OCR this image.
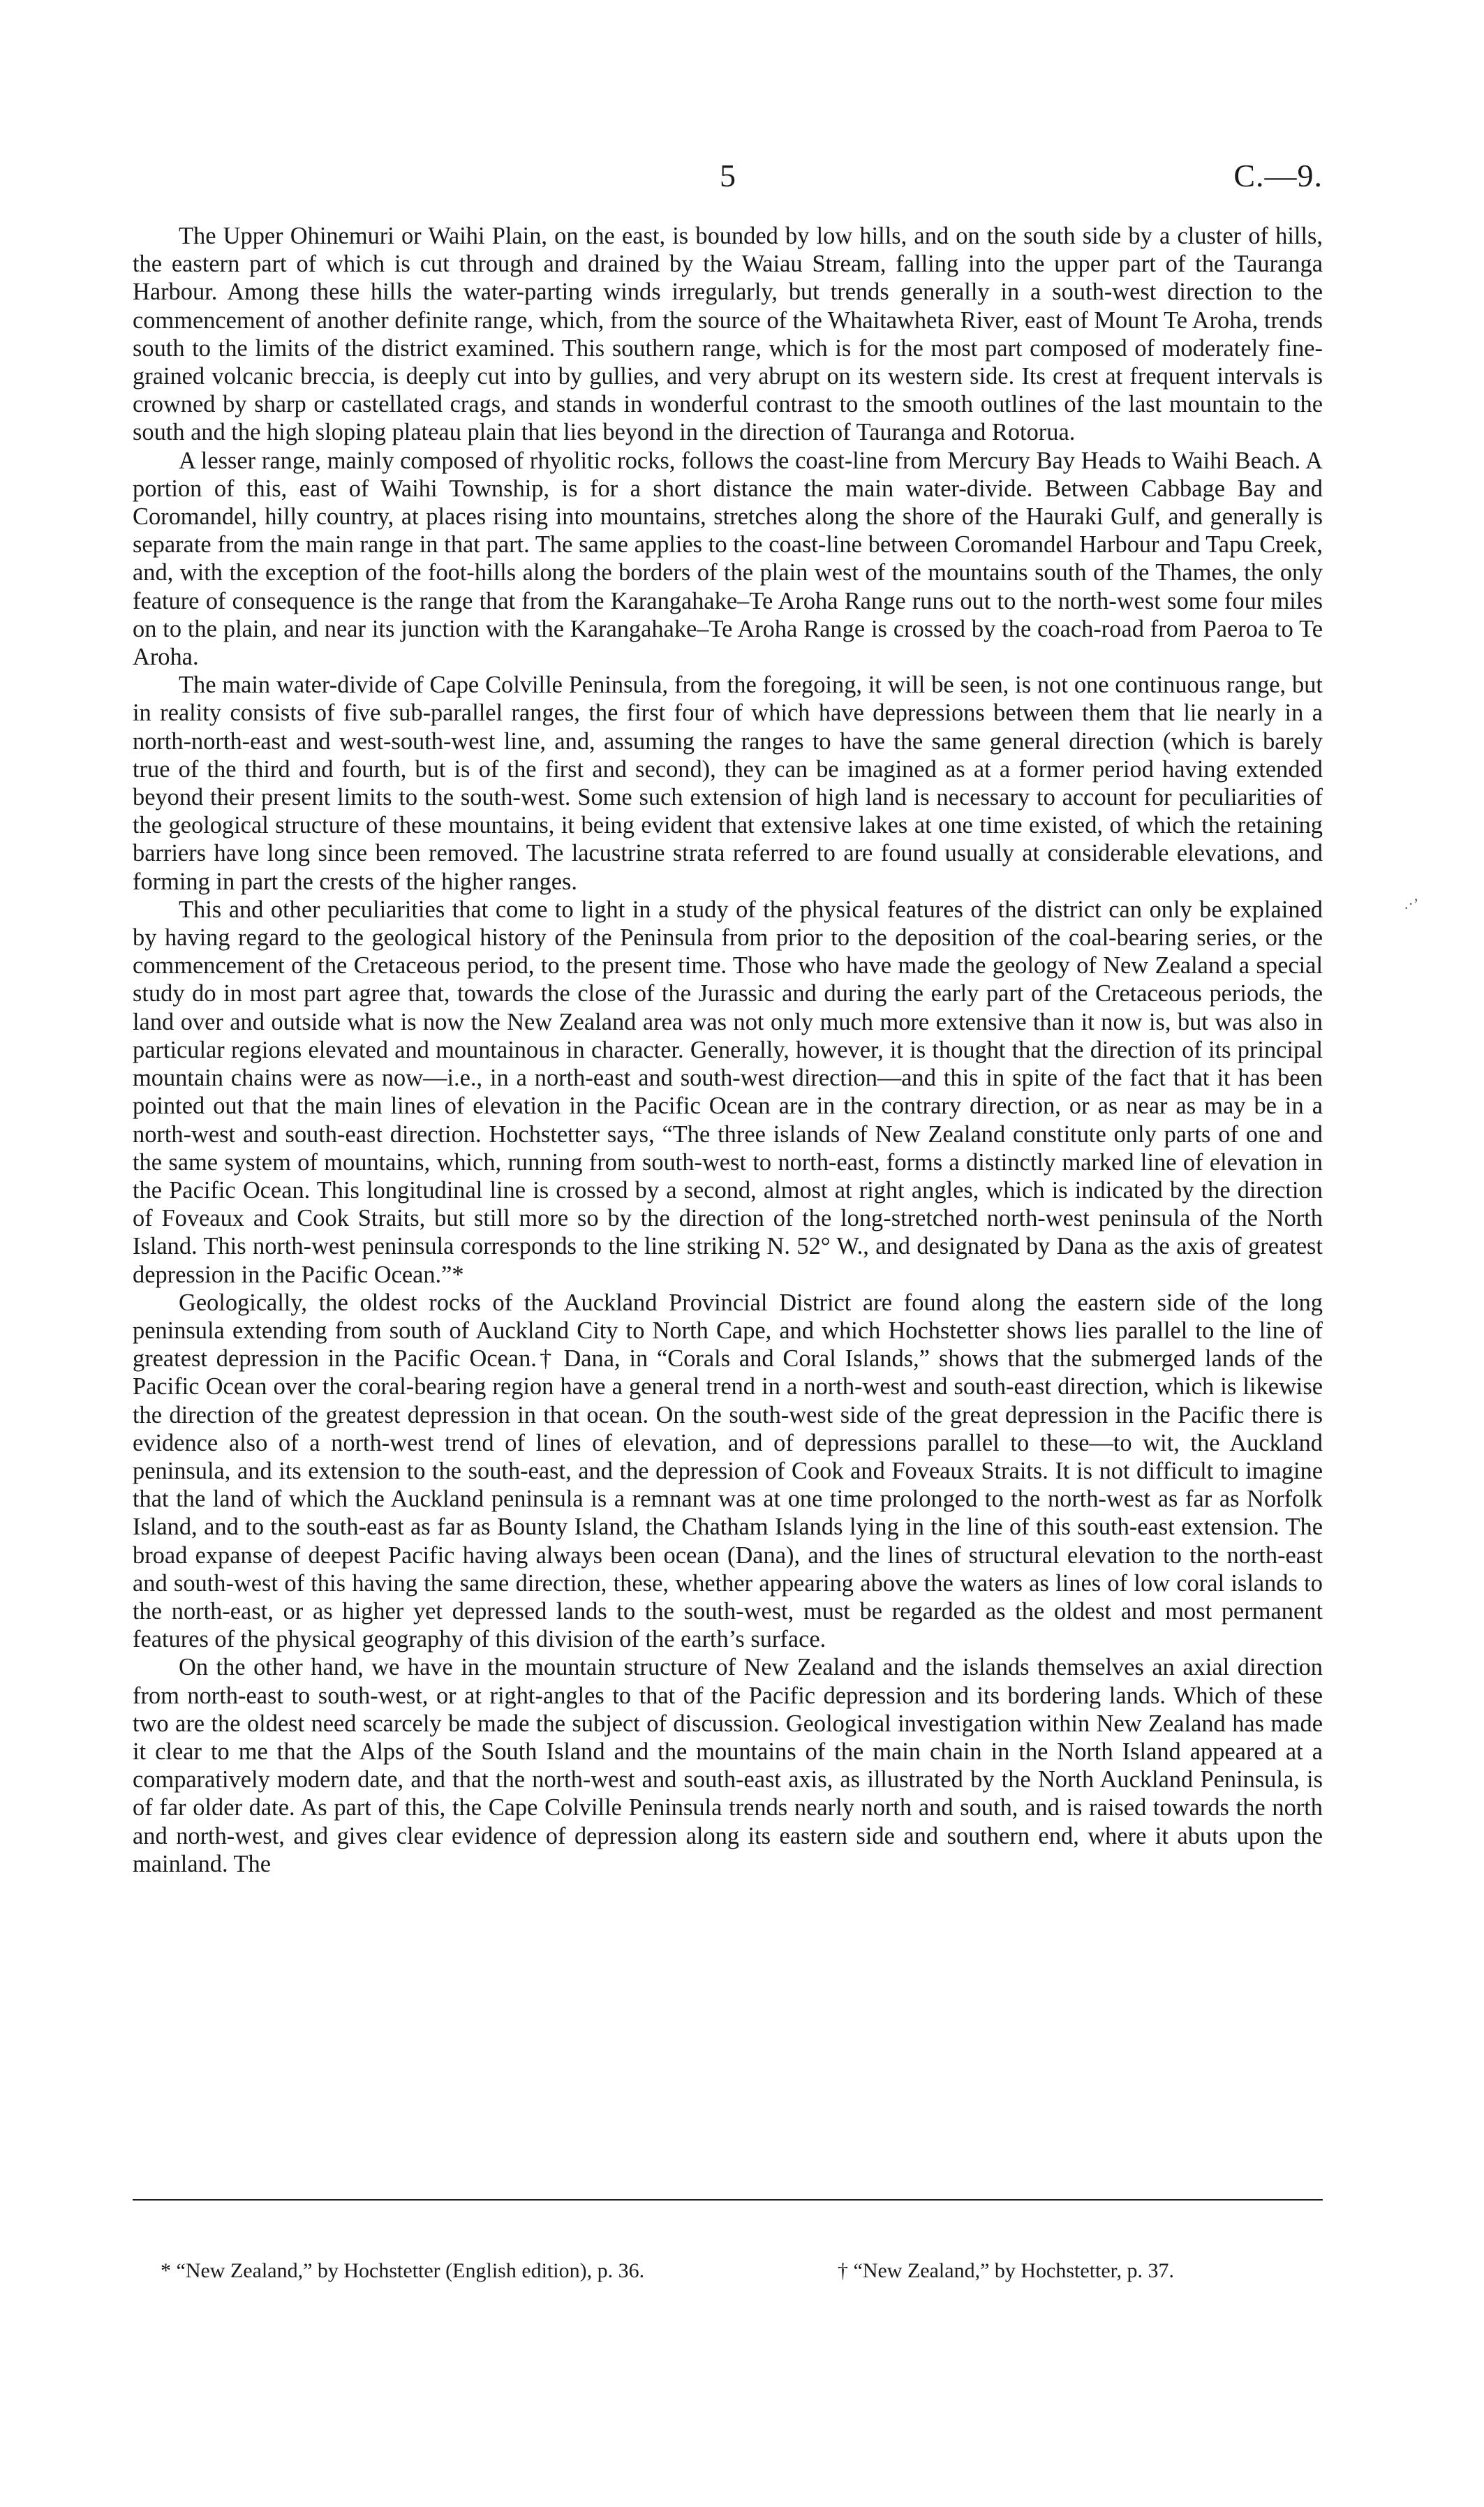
5	C.—9.

The Upper Ohinemuri or Waihi Plain, on the east, is bounded by low hills, and on the south side by a cluster of hills, the eastern part of which is cut through and drained by the Waiau Stream, falling into the upper part of the Tauranga Harbour. Among these hills the water-parting winds irregularly, but trends generally in a south-west direction to the commencement of another definite range, which, from the source of the Whaitawheta River, east of Mount Te Aroha, trends south to the limits of the district examined. This southern range, which is for the most part composed of moderately fine-grained volcanic breccia, is deeply cut into by gullies, and very abrupt on its western side. Its crest at frequent intervals is crowned by sharp or castellated crags, and stands in wonderful contrast to the smooth outlines of the last mountain to the south and the high sloping plateau plain that lies beyond in the direction of Tauranga and Rotorua.

A lesser range, mainly composed of rhyolitic rocks, follows the coast-line from Mercury Bay Heads to Waihi Beach. A portion of this, east of Waihi Township, is for a short distance the main water-divide. Between Cabbage Bay and Coromandel, hilly country, at places rising into mountains, stretches along the shore of the Hauraki Gulf, and generally is separate from the main range in that part. The same applies to the coast-line between Coromandel Harbour and Tapu Creek, and, with the exception of the foot-hills along the borders of the plain west of the mountains south of the Thames, the only feature of consequence is the range that from the Karangahake–Te Aroha Range runs out to the north-west some four miles on to the plain, and near its junction with the Karangahake–Te Aroha Range is crossed by the coach-road from Paeroa to Te Aroha.

The main water-divide of Cape Colville Peninsula, from the foregoing, it will be seen, is not one continuous range, but in reality consists of five sub-parallel ranges, the first four of which have depressions between them that lie nearly in a north-north-east and west-south-west line, and, assuming the ranges to have the same general direction (which is barely true of the third and fourth, but is of the first and second), they can be imagined as at a former period having extended beyond their present limits to the south-west. Some such extension of high land is necessary to account for peculiarities of the geological structure of these mountains, it being evident that extensive lakes at one time existed, of which the retaining barriers have long since been removed. The lacustrine strata referred to are found usually at considerable elevations, and forming in part the crests of the higher ranges.

This and other peculiarities that come to light in a study of the physical features of the district can only be explained by having regard to the geological history of the Peninsula from prior to the deposition of the coal-bearing series, or the commencement of the Cretaceous period, to the present time. Those who have made the geology of New Zealand a special study do in most part agree that, towards the close of the Jurassic and during the early part of the Cretaceous periods, the land over and outside what is now the New Zealand area was not only much more extensive than it now is, but was also in particular regions elevated and mountainous in character. Generally, however, it is thought that the direction of its principal mountain chains were as now—i.e., in a north-east and south-west direction—and this in spite of the fact that it has been pointed out that the main lines of elevation in the Pacific Ocean are in the contrary direction, or as near as may be in a north-west and south-east direction. Hochstetter says, “The three islands of New Zealand constitute only parts of one and the same system of mountains, which, running from south-west to north-east, forms a distinctly marked line of elevation in the Pacific Ocean. This longitudinal line is crossed by a second, almost at right angles, which is indicated by the direction of Foveaux and Cook Straits, but still more so by the direction of the long-stretched north-west peninsula of the North Island. This north-west peninsula corresponds to the line striking N. 52° W., and designated by Dana as the axis of greatest depression in the Pacific Ocean.”*

Geologically, the oldest rocks of the Auckland Provincial District are found along the eastern side of the long peninsula extending from south of Auckland City to North Cape, and which Hochstetter shows lies parallel to the line of greatest depression in the Pacific Ocean.† Dana, in “Corals and Coral Islands,” shows that the submerged lands of the Pacific Ocean over the coral-bearing region have a general trend in a north-west and south-east direction, which is likewise the direction of the greatest depression in that ocean. On the south-west side of the great depression in the Pacific there is evidence also of a north-west trend of lines of elevation, and of depressions parallel to these—to wit, the Auckland peninsula, and its extension to the south-east, and the depression of Cook and Foveaux Straits. It is not difficult to imagine that the land of which the Auckland peninsula is a remnant was at one time prolonged to the north-west as far as Norfolk Island, and to the south-east as far as Bounty Island, the Chatham Islands lying in the line of this south-east extension. The broad expanse of deepest Pacific having always been ocean (Dana), and the lines of structural elevation to the north-east and south-west of this having the same direction, these, whether appearing above the waters as lines of low coral islands to the north-east, or as higher yet depressed lands to the south-west, must be regarded as the oldest and most permanent features of the physical geography of this division of the earth’s surface.

On the other hand, we have in the mountain structure of New Zealand and the islands themselves an axial direction from north-east to south-west, or at right-angles to that of the Pacific depression and its bordering lands. Which of these two are the oldest need scarcely be made the subject of discussion. Geological investigation within New Zealand has made it clear to me that the Alps of the South Island and the mountains of the main chain in the North Island appeared at a comparatively modern date, and that the north-west and south-east axis, as illustrated by the North Auckland Peninsula, is of far older date. As part of this, the Cape Colville Peninsula trends nearly north and south, and is raised towards the north and north-west, and gives clear evidence of depression along its eastern side and southern end, where it abuts upon the mainland. The

.·’
* “New Zealand,” by Hochstetter (English edition), p. 36.	† “New Zealand,” by Hochstetter, p. 37.
